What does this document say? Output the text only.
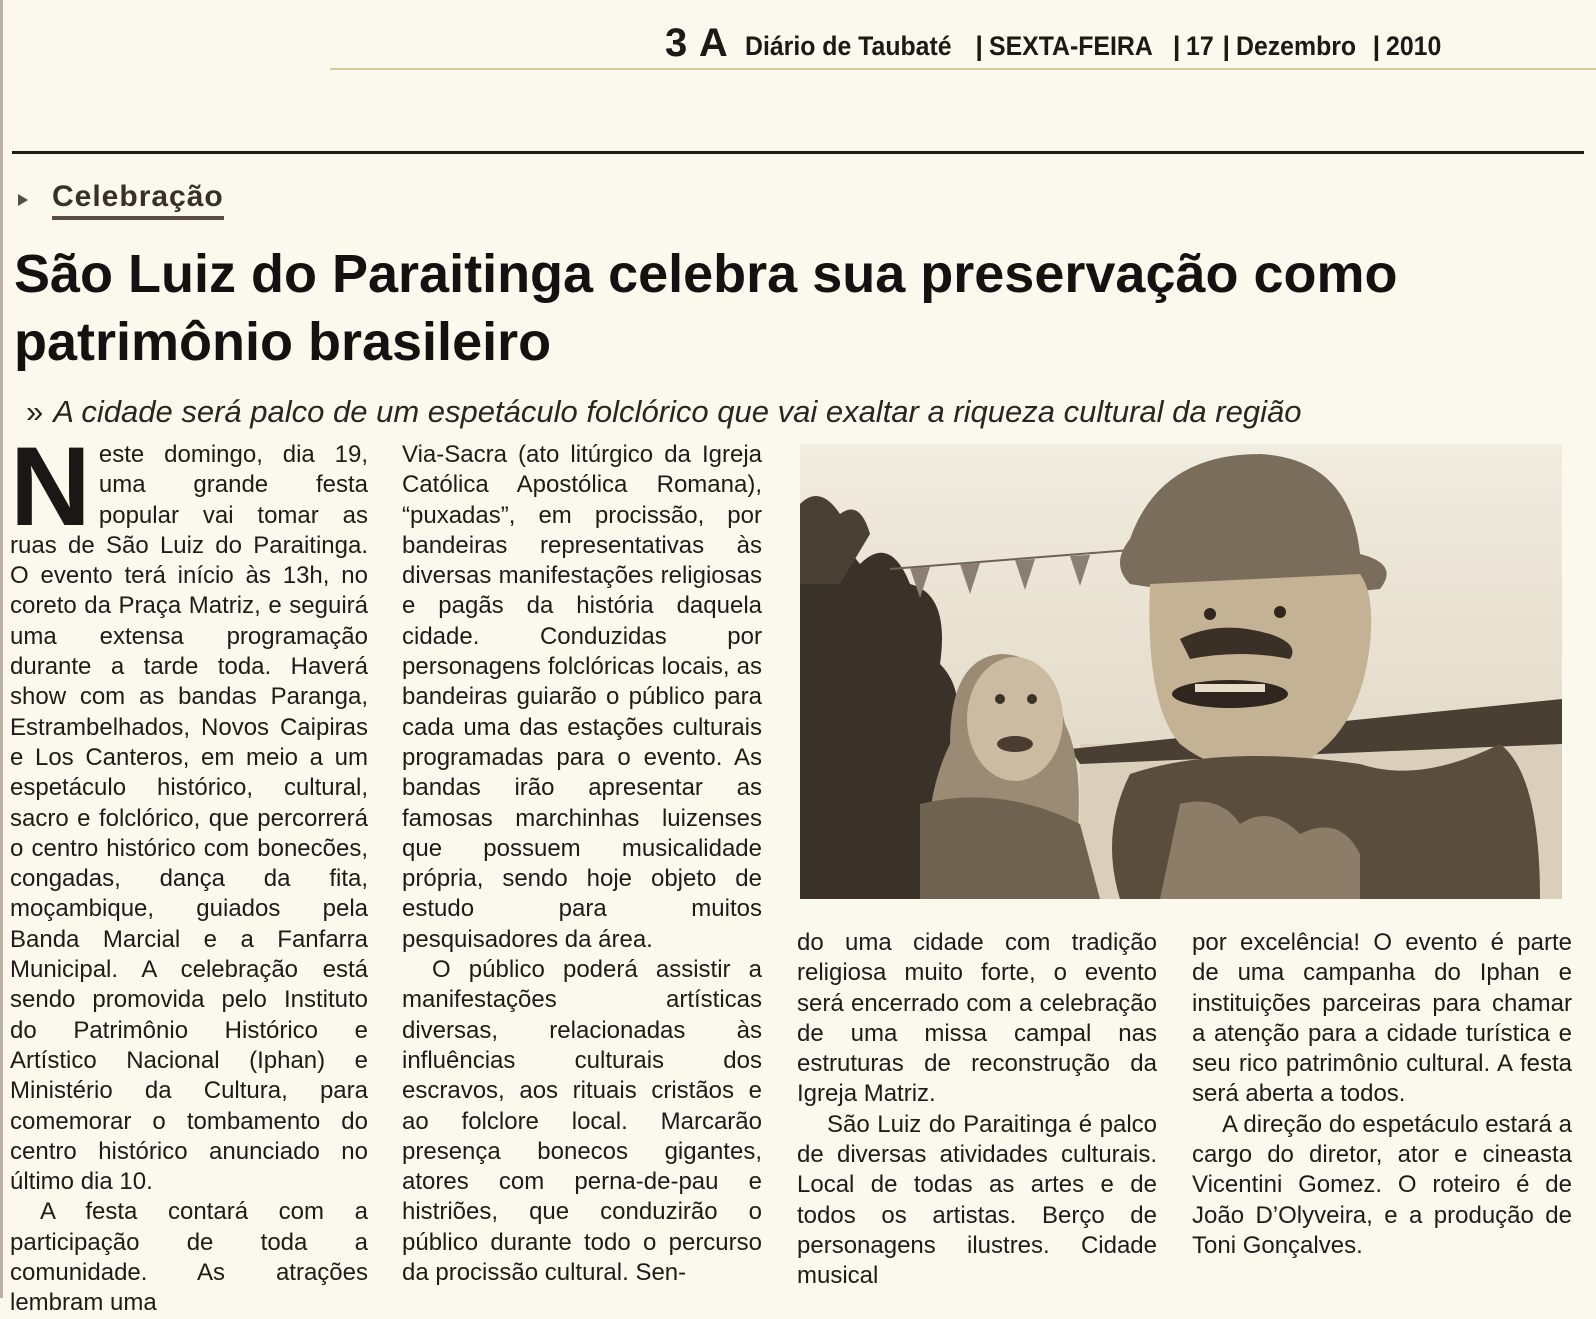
3 A Diário de Taubaté | SEXTA-FEIRA | 17 | Dezembro | 2010
Celebração
São Luiz do Paraitinga celebra sua preservação como patrimônio brasileiro
» A cidade será palco de um espetáculo folclórico que vai exaltar a riqueza cultural da região

Neste domingo, dia 19, uma grande festa popular vai tomar as ruas de São Luiz do Paraitinga. O evento terá início às 13h, no coreto da Praça Matriz, e seguirá uma extensa programação durante a tarde toda. Haverá show com as bandas Paranga, Estrambelhados, Novos Caipiras e Los Canteros, em meio a um espetáculo histórico, cultural, sacro e folclórico, que percorrerá o centro histórico com bonecões, congadas, dança da fita, moçambique, guiados pela Banda Marcial e a Fanfarra Municipal. A celebração está sendo promovida pelo Instituto do Patrimônio Histórico e Artístico Nacional (Iphan) e Ministério da Cultura, para comemorar o tombamento do centro histórico anunciado no último dia 10.

A festa contará com a participação de toda a comunidade. As atrações lembram uma

Via-Sacra (ato litúrgico da Igreja Católica Apostólica Romana), “puxadas”, em procissão, por bandeiras representativas às diversas manifestações religiosas e pagãs da história daquela cidade. Conduzidas por personagens folclóricas locais, as bandeiras guiarão o público para cada uma das estações culturais programadas para o evento. As bandas irão apresentar as famosas marchinhas luizenses que possuem musicalidade própria, sendo hoje objeto de estudo para muitos pesquisadores da área.

O público poderá assistir a manifestações artísticas diversas, relacionadas às influências culturais dos escravos, aos rituais cristãos e ao folclore local. Marcarão presença bonecos gigantes, atores com perna-de-pau e histriões, que conduzirão o público durante todo o percurso da procissão cultural. Sen-

do uma cidade com tradição religiosa muito forte, o evento será encerrado com a celebração de uma missa campal nas estruturas de reconstrução da Igreja Matriz.

São Luiz do Paraitinga é palco de diversas atividades culturais. Local de todas as artes e de todos os artistas. Berço de personagens ilustres. Cidade musical

por excelência! O evento é parte de uma campanha do Iphan e instituições parceiras para chamar a atenção para a cidade turística e seu rico patrimônio cultural. A festa será aberta a todos.

A direção do espetáculo estará a cargo do diretor, ator e cineasta Vicentini Gomez. O roteiro é de João D’Olyveira, e a produção de Toni Gonçalves.
